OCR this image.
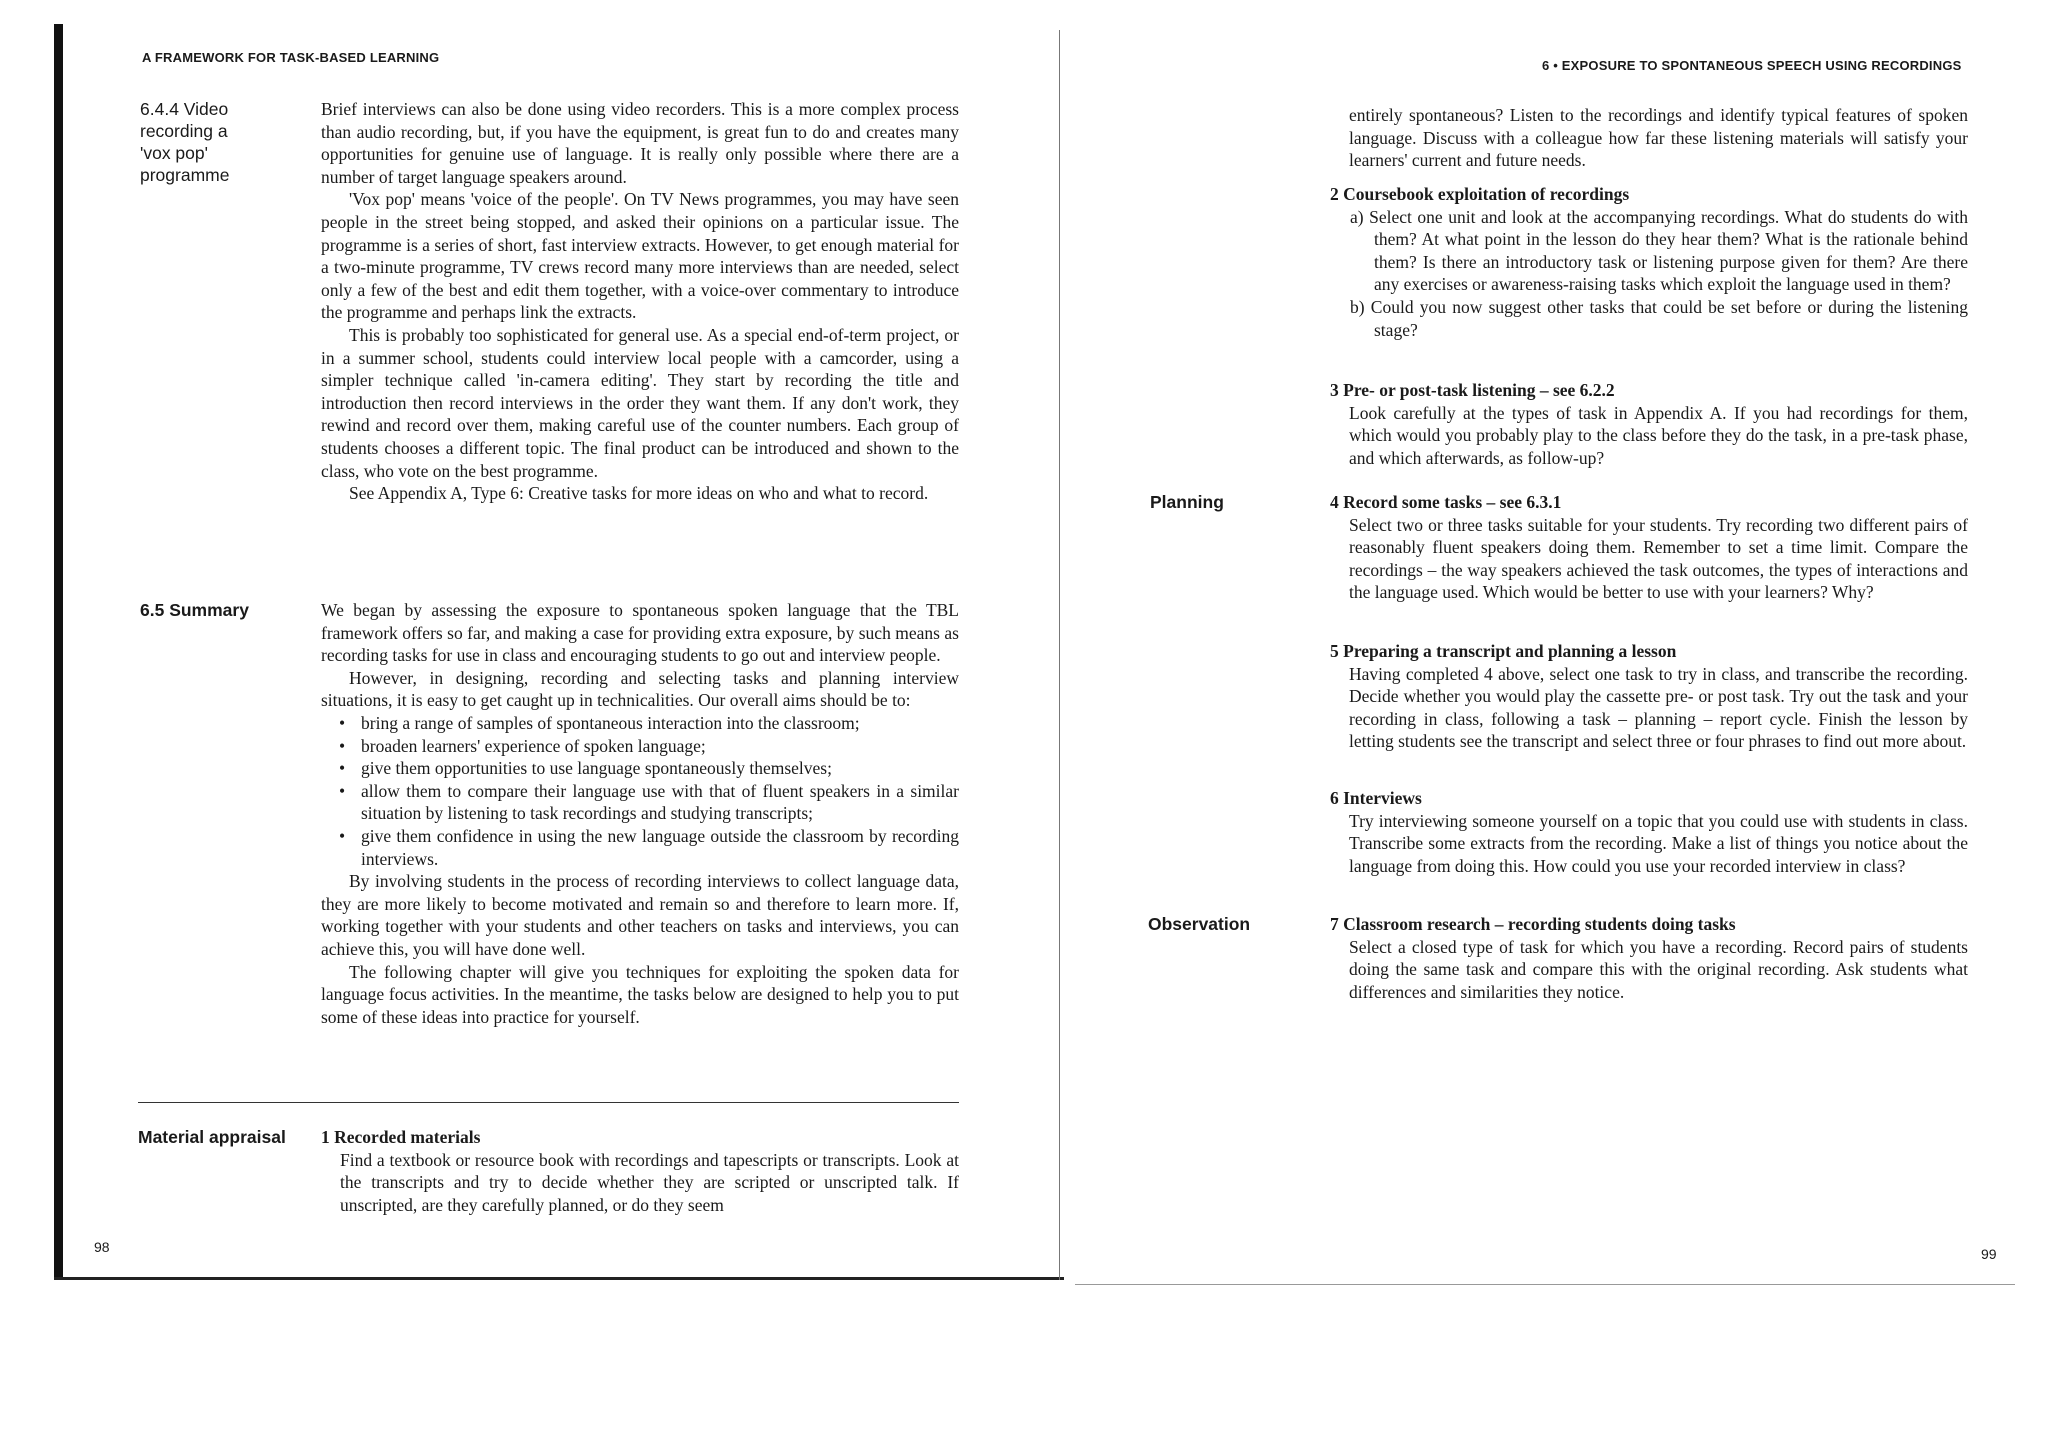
A FRAMEWORK FOR TASK-BASED LEARNING
6.4.4 Video recording a 'vox pop' programme

Brief interviews can also be done using video recorders. This is a more complex process than audio recording, but, if you have the equipment, is great fun to do and creates many opportunities for genuine use of language. It is really only possible where there are a number of target language speakers around.

'Vox pop' means 'voice of the people'. On TV News programmes, you may have seen people in the street being stopped, and asked their opinions on a particular issue. The programme is a series of short, fast interview extracts. However, to get enough material for a two-minute programme, TV crews record many more interviews than are needed, select only a few of the best and edit them together, with a voice-over commentary to introduce the programme and perhaps link the extracts.

This is probably too sophisticated for general use. As a special end-of-term project, or in a summer school, students could interview local people with a camcorder, using a simpler technique called 'in-camera editing'. They start by recording the title and introduction then record interviews in the order they want them. If any don't work, they rewind and record over them, making careful use of the counter numbers. Each group of students chooses a different topic. The final product can be introduced and shown to the class, who vote on the best programme.

See Appendix A, Type 6: Creative tasks for more ideas on who and what to record.

6.5 Summary	We began by assessing the exposure to spontaneous spoken language that the TBL framework offers so far, and making a case for providing extra exposure, by such means as recording tasks for use in class and encouraging students to go out and interview people.

However, in designing, recording and selecting tasks and planning interview situations, it is easy to get caught up in technicalities. Our overall aims should be to:

• bring a range of samples of spontaneous interaction into the classroom;
• broaden learners' experience of spoken language;
• give them opportunities to use language spontaneously themselves;
• allow them to compare their language use with that of fluent speakers in a similar situation by listening to task recordings and studying transcripts;
• give them confidence in using the new language outside the classroom by recording interviews.

By involving students in the process of recording interviews to collect language data, they are more likely to become motivated and remain so and therefore to learn more. If, working together with your students and other teachers on tasks and interviews, you can achieve this, you will have done well.

The following chapter will give you techniques for exploiting the spoken data for language focus activities. In the meantime, the tasks below are designed to help you to put some of these ideas into practice for yourself.

Material appraisal	1 Recorded materials
Find a textbook or resource book with recordings and tapescripts or transcripts. Look at the transcripts and try to decide whether they are scripted or unscripted talk. If unscripted, are they carefully planned, or do they seem
98
6 • EXPOSURE TO SPONTANEOUS SPEECH USING RECORDINGS
entirely spontaneous? Listen to the recordings and identify typical features of spoken language. Discuss with a colleague how far these listening materials will satisfy your learners' current and future needs.
2 Coursebook exploitation of recordings
a) Select one unit and look at the accompanying recordings. What do students do with them? At what point in the lesson do they hear them? What is the rationale behind them? Is there an introductory task or listening purpose given for them? Are there any exercises or awareness-raising tasks which exploit the language used in them?
b) Could you now suggest other tasks that could be set before or during the listening stage?
3 Pre- or post-task listening – see 6.2.2
Look carefully at the types of task in Appendix A. If you had recordings for them, which would you probably play to the class before they do the task, in a pre-task phase, and which afterwards, as follow-up?
Planning	4 Record some tasks – see 6.3.1
Select two or three tasks suitable for your students. Try recording two different pairs of reasonably fluent speakers doing them. Remember to set a time limit. Compare the recordings – the way speakers achieved the task outcomes, the types of interactions and the language used. Which would be better to use with your learners? Why?
5 Preparing a transcript and planning a lesson
Having completed 4 above, select one task to try in class, and transcribe the recording. Decide whether you would play the cassette pre- or post task. Try out the task and your recording in class, following a task – planning – report cycle. Finish the lesson by letting students see the transcript and select three or four phrases to find out more about.
6 Interviews
Try interviewing someone yourself on a topic that you could use with students in class. Transcribe some extracts from the recording. Make a list of things you notice about the language from doing this. How could you use your recorded interview in class?
Observation	7 Classroom research – recording students doing tasks
Select a closed type of task for which you have a recording. Record pairs of students doing the same task and compare this with the original recording. Ask students what differences and similarities they notice.
99
